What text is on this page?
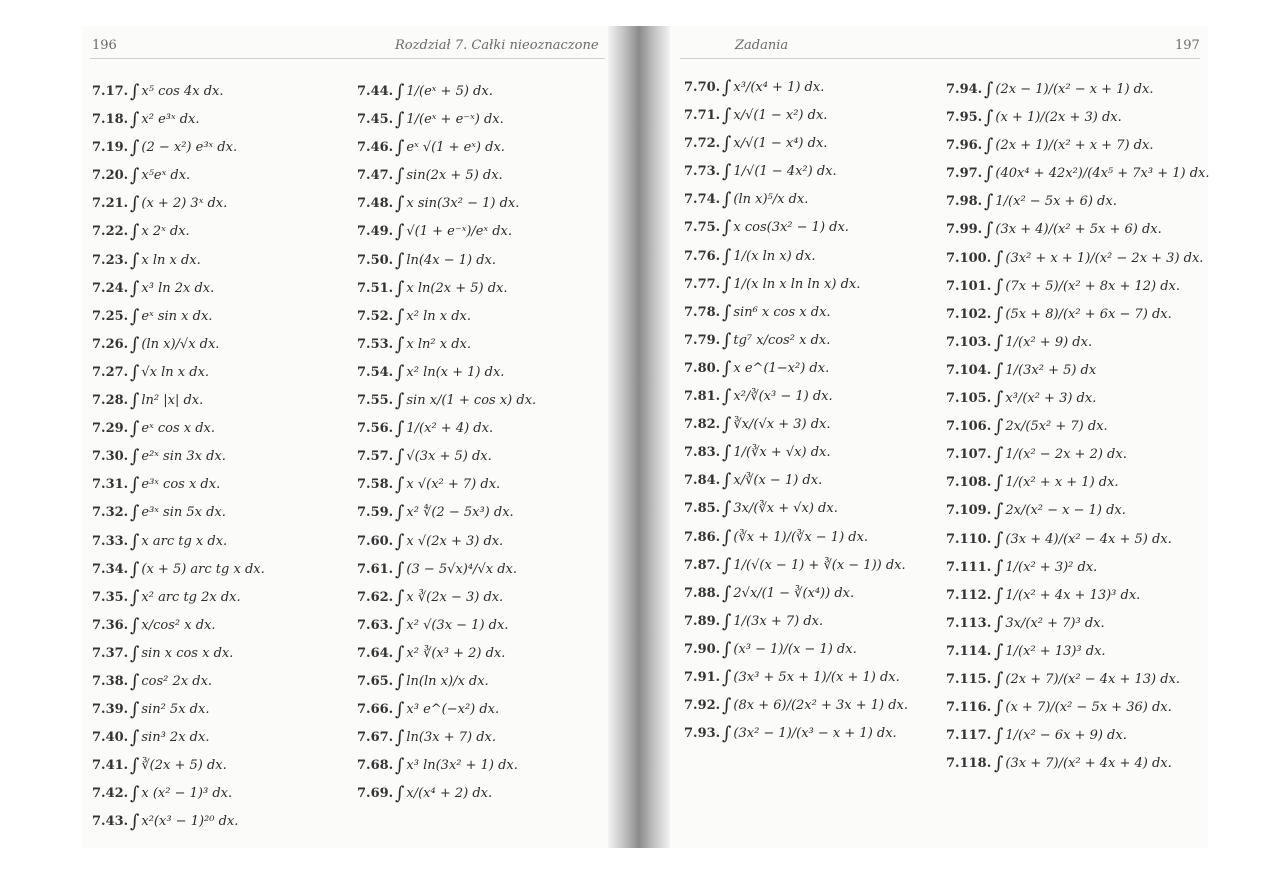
196	Rozdział 7. Całki nieoznaczone	Zadania	197
7.17.∫ x⁵ cos 4x dx.
7.18.∫ x² e³ˣ dx.
7.19.∫ (2 − x²) e³ˣ dx.
7.20.∫ x⁵eˣ dx.
7.21.∫ (x + 2) 3ˣ dx.
7.22.∫ x 2ˣ dx.
7.23.∫ x ln x dx.
7.24.∫ x³ ln 2x dx.
7.25.∫ eˣ sin x dx.
7.26.∫ (ln x)/√x dx.
7.27.∫ √x ln x dx.
7.28.∫ ln² |x| dx.
7.29.∫ eˣ cos x dx.
7.30.∫ e²ˣ sin 3x dx.
7.31.∫ e³ˣ cos x dx.
7.32.∫ e³ˣ sin 5x dx.
7.33.∫ x arc tg x dx.
7.34.∫ (x + 5) arc tg x dx.
7.35.∫ x² arc tg 2x dx.
7.36.∫ x/cos² x dx.
7.37.∫ sin x cos x dx.
7.38.∫ cos² 2x dx.
7.39.∫ sin² 5x dx.
7.40.∫ sin³ 2x dx.
7.41.∫ ∛(2x + 5) dx.
7.42.∫ x (x² − 1)³ dx.
7.43.∫ x²(x³ − 1)²⁰ dx.
7.44.∫ 1/(eˣ + 5) dx.
7.45.∫ 1/(eˣ + e⁻ˣ) dx.
7.46.∫ eˣ √(1 + eˣ) dx.
7.47.∫ sin(2x + 5) dx.
7.48.∫ x sin(3x² − 1) dx.
7.49.∫ √(1 + e⁻ˣ)/eˣ dx.
7.50.∫ ln(4x − 1) dx.
7.51.∫ x ln(2x + 5) dx.
7.52.∫ x² ln x dx.
7.53.∫ x ln² x dx.
7.54.∫ x² ln(x + 1) dx.
7.55.∫ sin x/(1 + cos x) dx.
7.56.∫ 1/(x² + 4) dx.
7.57.∫ √(3x + 5) dx.
7.58.∫ x √(x² + 7) dx.
7.59.∫ x² ∜(2 − 5x³) dx.
7.60.∫ x √(2x + 3) dx.
7.61.∫ (3 − 5√x)⁴/√x dx.
7.62.∫ x ∛(2x − 3) dx.
7.63.∫ x² √(3x − 1) dx.
7.64.∫ x² ∛(x³ + 2) dx.
7.65.∫ ln(ln x)/x dx.
7.66.∫ x³ e^(−x²) dx.
7.67.∫ ln(3x + 7) dx.
7.68.∫ x³ ln(3x² + 1) dx.
7.69.∫ x/(x⁴ + 2) dx.
7.70.∫ x³/(x⁴ + 1) dx.
7.71.∫ x/√(1 − x²) dx.
7.72.∫ x/√(1 − x⁴) dx.
7.73.∫ 1/√(1 − 4x²) dx.
7.74.∫ (ln x)⁵/x dx.
7.75.∫ x cos(3x² − 1) dx.
7.76.∫ 1/(x ln x) dx.
7.77.∫ 1/(x ln x ln ln x) dx.
7.78.∫ sin⁶ x cos x dx.
7.79.∫ tg⁷ x/cos² x dx.
7.80.∫ x e^(1−x²) dx.
7.81.∫ x²/∛(x³ − 1) dx.
7.82.∫ ∛x/(√x + 3) dx.
7.83.∫ 1/(∛x + √x) dx.
7.84.∫ x/∛(x − 1) dx.
7.85.∫ 3x/(∛x + √x) dx.
7.86.∫ (∛x + 1)/(∛x − 1) dx.
7.87.∫ 1/(√(x − 1) + ∛(x − 1)) dx.
7.88.∫ 2√x/(1 − ∛(x⁴)) dx.
7.89.∫ 1/(3x + 7) dx.
7.90.∫ (x³ − 1)/(x − 1) dx.
7.91.∫ (3x³ + 5x + 1)/(x + 1) dx.
7.92.∫ (8x + 6)/(2x² + 3x + 1) dx.
7.93.∫ (3x² − 1)/(x³ − x + 1) dx.
7.94.∫ (2x − 1)/(x² − x + 1) dx.
7.95.∫ (x + 1)/(2x + 3) dx.
7.96.∫ (2x + 1)/(x² + x + 7) dx.
7.97.∫ (40x⁴ + 42x²)/(4x⁵ + 7x³ + 1) dx.
7.98.∫ 1/(x² − 5x + 6) dx.
7.99.∫ (3x + 4)/(x² + 5x + 6) dx.
7.100. ∫ (3x² + x + 1)/(x² − 2x + 3) dx.
7.101. ∫ (7x + 5)/(x² + 8x + 12) dx.
7.102. ∫ (5x + 8)/(x² + 6x − 7) dx.
7.103. ∫ 1/(x² + 9) dx.
7.104. ∫ 1/(3x² + 5) dx
7.105. ∫ x³/(x² + 3) dx.
7.106. ∫ 2x/(5x² + 7) dx.
7.107. ∫ 1/(x² − 2x + 2) dx.
7.108. ∫ 1/(x² + x + 1) dx.
7.109. ∫ 2x/(x² − x − 1) dx.
7.110. ∫ (3x + 4)/(x² − 4x + 5) dx.
7.111. ∫ 1/(x² + 3)² dx.
7.112. ∫ 1/(x² + 4x + 13)³ dx.
7.113. ∫ 3x/(x² + 7)³ dx.
7.114. ∫ 1/(x² + 13)³ dx.
7.115. ∫ (2x + 7)/(x² − 4x + 13) dx.
7.116. ∫ (x + 7)/(x² − 5x + 36) dx.
7.117. ∫ 1/(x² − 6x + 9) dx.
7.118. ∫ (3x + 7)/(x² + 4x + 4) dx.
